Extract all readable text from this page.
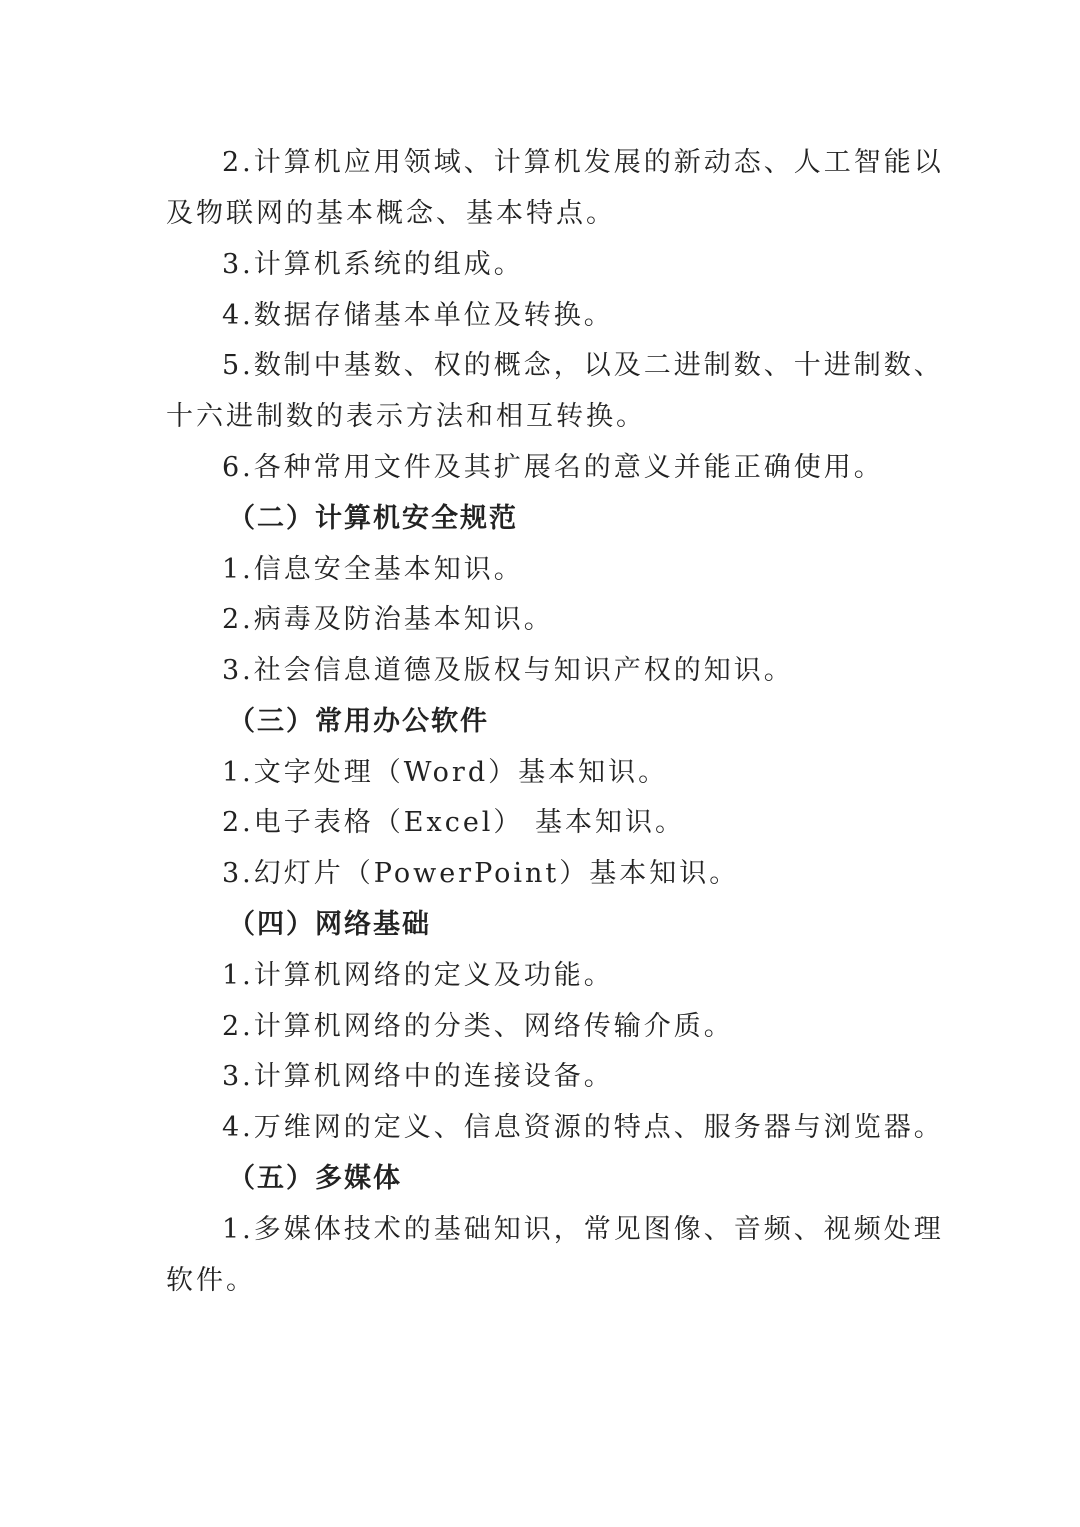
2.计算机应用领域、计算机发展的新动态、人工智能以
及物联网的基本概念、基本特点。
3.计算机系统的组成。
4.数据存储基本单位及转换。
5.数制中基数、权的概念，以及二进制数、十进制数、
十六进制数的表示方法和相互转换。
6.各种常用文件及其扩展名的意义并能正确使用。
（二）计算机安全规范
1.信息安全基本知识。
2.病毒及防治基本知识。
3.社会信息道德及版权与知识产权的知识。
（三）常用办公软件
1.文字处理（Word）基本知识。
2.电子表格（Excel） 基本知识。
3.幻灯片（PowerPoint）基本知识。
（四）网络基础
1.计算机网络的定义及功能。
2.计算机网络的分类、网络传输介质。
3.计算机网络中的连接设备。
4.万维网的定义、信息资源的特点、服务器与浏览器。
（五）多媒体
1.多媒体技术的基础知识，常见图像、音频、视频处理
软件。
